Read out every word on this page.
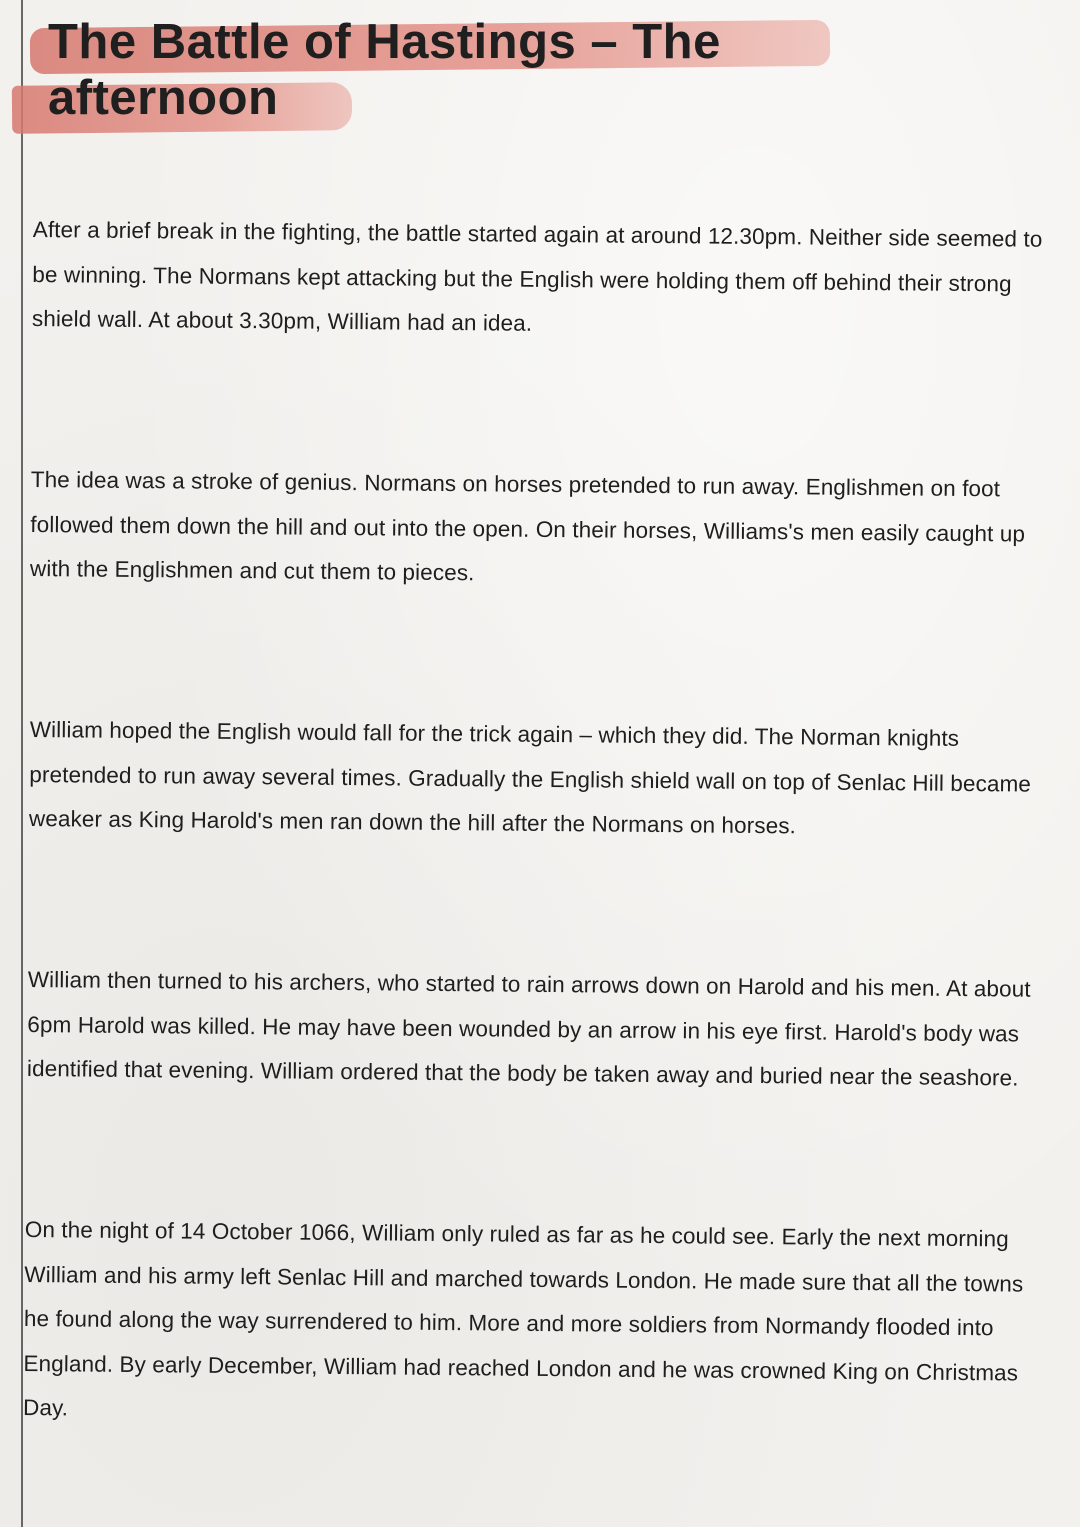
The Battle of Hastings – The afternoon

After a brief break in the fighting, the battle started again at around 12.30pm. Neither side seemed to be winning. The Normans kept attacking but the English were holding them off behind their strong shield wall. At about 3.30pm, William had an idea.

The idea was a stroke of genius. Normans on horses pretended to run away. Englishmen on foot followed them down the hill and out into the open. On their horses, Williams's men easily caught up with the Englishmen and cut them to pieces.

William hoped the English would fall for the trick again – which they did. The Norman knights pretended to run away several times. Gradually the English shield wall on top of Senlac Hill became weaker as King Harold's men ran down the hill after the Normans on horses.

William then turned to his archers, who started to rain arrows down on Harold and his men. At about 6pm Harold was killed. He may have been wounded by an arrow in his eye first. Harold's body was identified that evening. William ordered that the body be taken away and buried near the seashore.

On the night of 14 October 1066, William only ruled as far as he could see. Early the next morning William and his army left Senlac Hill and marched towards London. He made sure that all the towns he found along the way surrendered to him. More and more soldiers from Normandy flooded into England. By early December, William had reached London and he was crowned King on Christmas Day.
